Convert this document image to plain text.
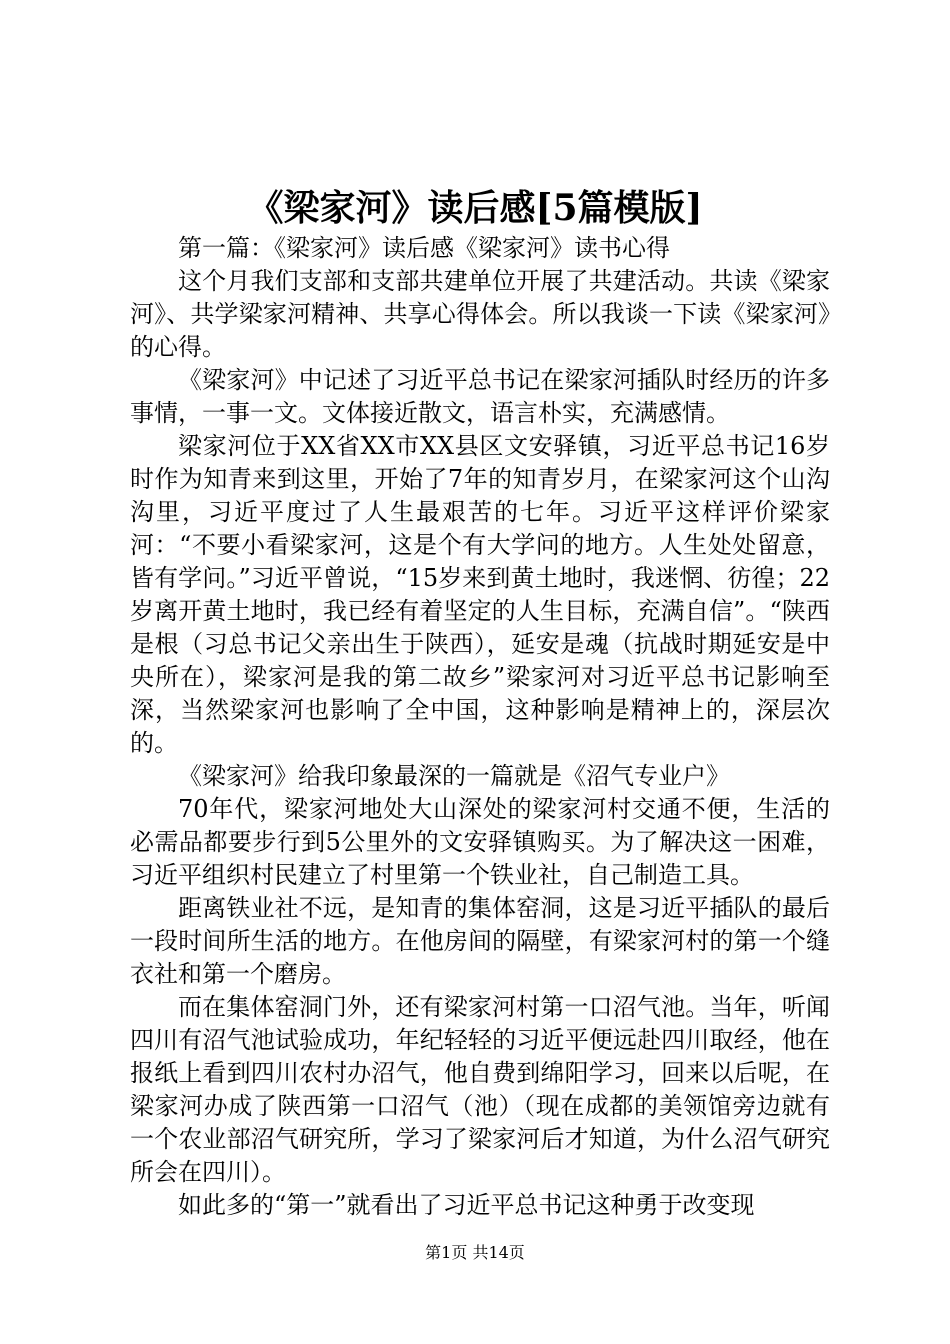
《梁家河》读后感[5篇模版]

第一篇：《梁家河》读后感《梁家河》读书心得

这个月我们支部和支部共建单位开展了共建活动。共读《梁家河》、共学梁家河精神、共享心得体会。所以我谈一下读《梁家河》的心得。

《梁家河》中记述了习近平总书记在梁家河插队时经历的许多事情，一事一文。文体接近散文，语言朴实，充满感情。

梁家河位于XX省XX市XX县区文安驿镇，习近平总书记16岁时作为知青来到这里，开始了7年的知青岁月，在梁家河这个山沟沟里，习近平度过了人生最艰苦的七年。习近平这样评价梁家河：“不要小看梁家河，这是个有大学问的地方。人生处处留意，皆有学问。”习近平曾说，“15岁来到黄土地时，我迷惘、彷徨；22岁离开黄土地时，我已经有着坚定的人生目标，充满自信”。“陕西是根（习总书记父亲出生于陕西），延安是魂（抗战时期延安是中央所在），梁家河是我的第二故乡”梁家河对习近平总书记影响至深，当然梁家河也影响了全中国，这种影响是精神上的，深层次的。

《梁家河》给我印象最深的一篇就是《沼气专业户》

70年代，梁家河地处大山深处的梁家河村交通不便，生活的必需品都要步行到5公里外的文安驿镇购买。为了解决这一困难，习近平组织村民建立了村里第一个铁业社，自己制造工具。

距离铁业社不远，是知青的集体窑洞，这是习近平插队的最后一段时间所生活的地方。在他房间的隔壁，有梁家河村的第一个缝衣社和第一个磨房。

而在集体窑洞门外，还有梁家河村第一口沼气池。当年，听闻四川有沼气池试验成功，年纪轻轻的习近平便远赴四川取经，他在报纸上看到四川农村办沼气，他自费到绵阳学习，回来以后呢，在梁家河办成了陕西第一口沼气（池）（现在成都的美领馆旁边就有一个农业部沼气研究所，学习了梁家河后才知道，为什么沼气研究所会在四川）。

如此多的“第一”就看出了习近平总书记这种勇于改变现

第1页 共14页
